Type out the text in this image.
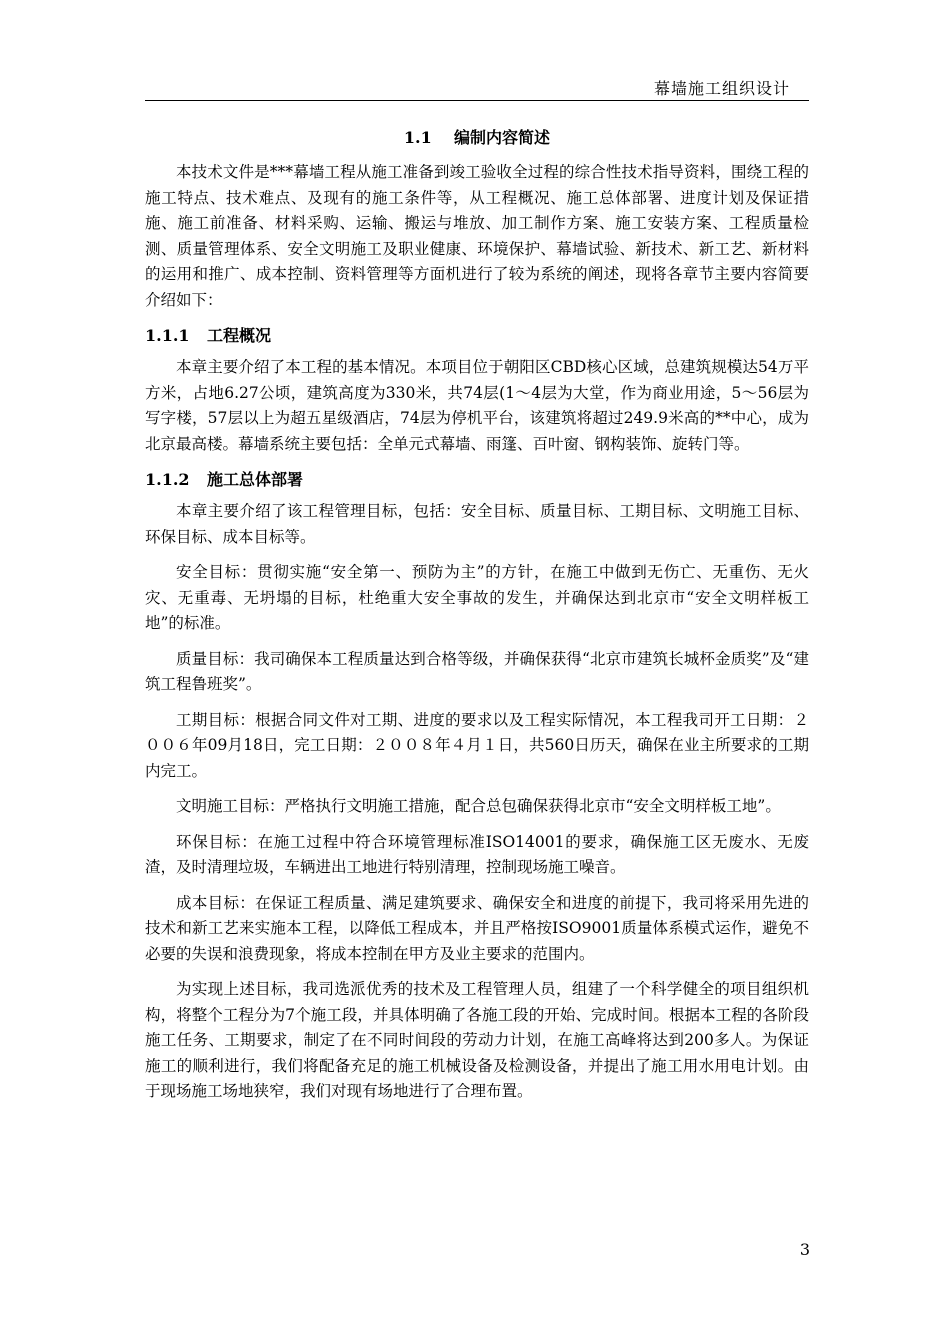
幕墙施工组织设计
1.1 编制内容简述

本技术文件是***幕墙工程从施工准备到竣工验收全过程的综合性技术指导资料，围绕工程的施工特点、技术难点、及现有的施工条件等，从工程概况、施工总体部署、进度计划及保证措施、施工前准备、材料采购、运输、搬运与堆放、加工制作方案、施工安装方案、工程质量检测、质量管理体系、安全文明施工及职业健康、环境保护、幕墙试验、新技术、新工艺、新材料的运用和推广、成本控制、资料管理等方面机进行了较为系统的阐述，现将各章节主要内容简要介绍如下：

1.1.1 工程概况

本章主要介绍了本工程的基本情况。本项目位于朝阳区CBD核心区域，总建筑规模达54万平方米，占地6.27公顷，建筑高度为330米，共74层(1～4层为大堂，作为商业用途，5～56层为写字楼，57层以上为超五星级酒店，74层为停机平台，该建筑将超过249.9米高的**中心，成为北京最高楼。幕墙系统主要包括：全单元式幕墙、雨篷、百叶窗、钢构装饰、旋转门等。

1.1.2 施工总体部署

本章主要介绍了该工程管理目标，包括：安全目标、质量目标、工期目标、文明施工目标、环保目标、成本目标等。

安全目标：贯彻实施“安全第一、预防为主”的方针，在施工中做到无伤亡、无重伤、无火灾、无重毒、无坍塌的目标，杜绝重大安全事故的发生，并确保达到北京市“安全文明样板工地”的标准。

质量目标：我司确保本工程质量达到合格等级，并确保获得“北京市建筑长城杯金质奖”及“建筑工程鲁班奖”。

工期目标：根据合同文件对工期、进度的要求以及工程实际情况，本工程我司开工日期：２００６年09月18日，完工日期：２００８年４月１日，共560日历天，确保在业主所要求的工期内完工。

文明施工目标：严格执行文明施工措施，配合总包确保获得北京市“安全文明样板工地”。

环保目标：在施工过程中符合环境管理标准ISO14001的要求，确保施工区无废水、无废渣，及时清理垃圾，车辆进出工地进行特别清理，控制现场施工噪音。

成本目标：在保证工程质量、满足建筑要求、确保安全和进度的前提下，我司将采用先进的技术和新工艺来实施本工程，以降低工程成本，并且严格按ISO9001质量体系模式运作，避免不必要的失误和浪费现象，将成本控制在甲方及业主要求的范围内。

为实现上述目标，我司选派优秀的技术及工程管理人员，组建了一个科学健全的项目组织机构，将整个工程分为7个施工段，并具体明确了各施工段的开始、完成时间。根据本工程的各阶段施工任务、工期要求，制定了在不同时间段的劳动力计划，在施工高峰将达到200多人。为保证施工的顺利进行，我们将配备充足的施工机械设备及检测设备，并提出了施工用水用电计划。由于现场施工场地狭窄，我们对现有场地进行了合理布置。

3
